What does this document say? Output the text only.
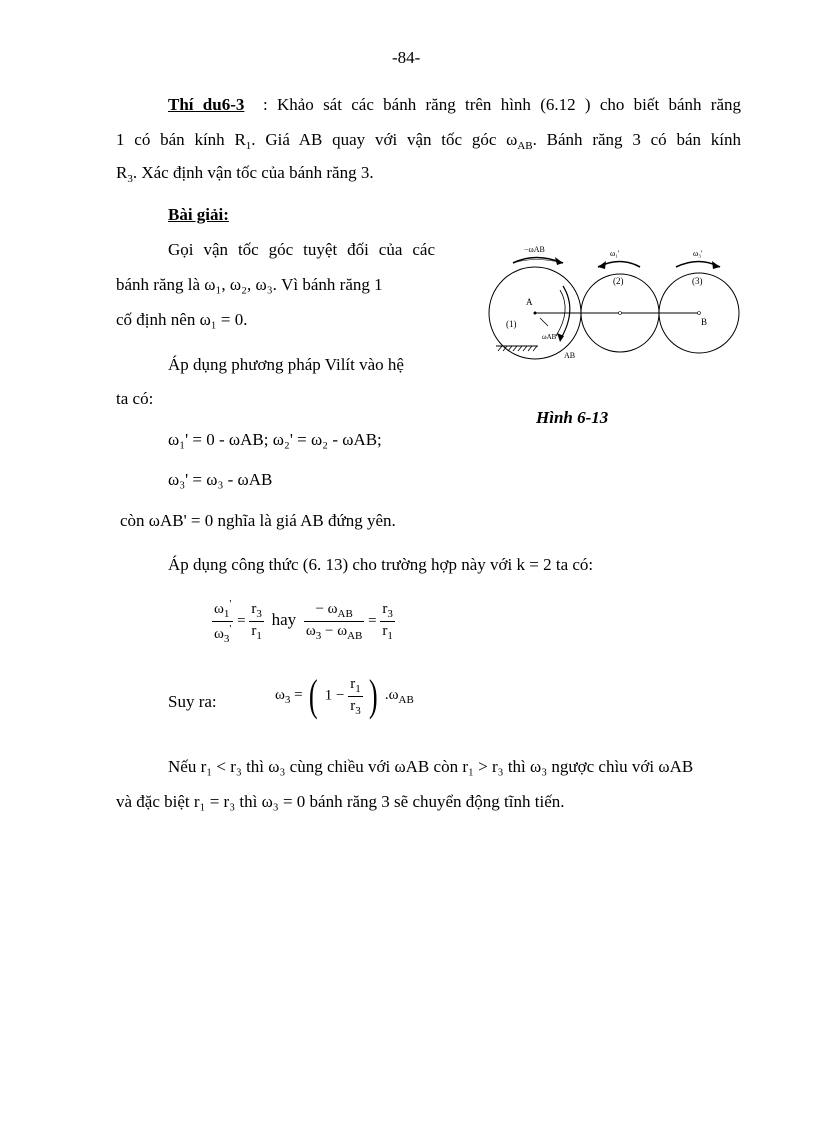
-84-
Thí du6-3 : Khảo sát các bánh răng trên hình (6.12 ) cho biết bánh răng
1 có bán kính $R_1$. Giá AB quay với vận tốc góc $\omega_{AB}$. Bánh răng 3 có bán kính
$R_3$. Xác định vận tốc của bánh răng 3.
Bài giải:
Gọi vận tốc góc tuyệt đối của các
bánh răng là ω₁, ω₂, ω₃. Vì bánh răng 1
cố định nên ω₁ = 0.
Áp dụng phương pháp Vilít vào hệ
ta có:
ω₁' = 0 - ωAB; ω₂' = ω₂ - ωAB;
ω₃' = ω₃ - ωAB
còn ωAB' = 0 nghĩa là giá AB đứng yên.
Áp dụng công thức (6. 13) cho trường hợp này với k = 2 ta có:
$\frac{\omega_1'}{\omega_3'} = \frac{r_3}{r_1}$ hay $\frac{- \omega_{AB}}{\omega_3 - \omega_{AB}} = \frac{r_3}{r_1}$
Suy ra:	$\omega_3$ = ( $1 - \frac{r_1}{r_3}$ ) $.\omega_{AB}$
Nếu r₁ < r₃ thì ω₃ cùng chiều với ωAB còn r₁ > r₃ thì ω₃ ngược chìu với ωAB
và đặc biệt r₁ = r₃ thì ω₃ = 0 bánh răng 3 sẽ chuyển động tĩnh tiến.
−ωAB	ω₁'	ω₃'
(2)	(3)
(1)
A
B
AB
ωAB
Hình 6-13
